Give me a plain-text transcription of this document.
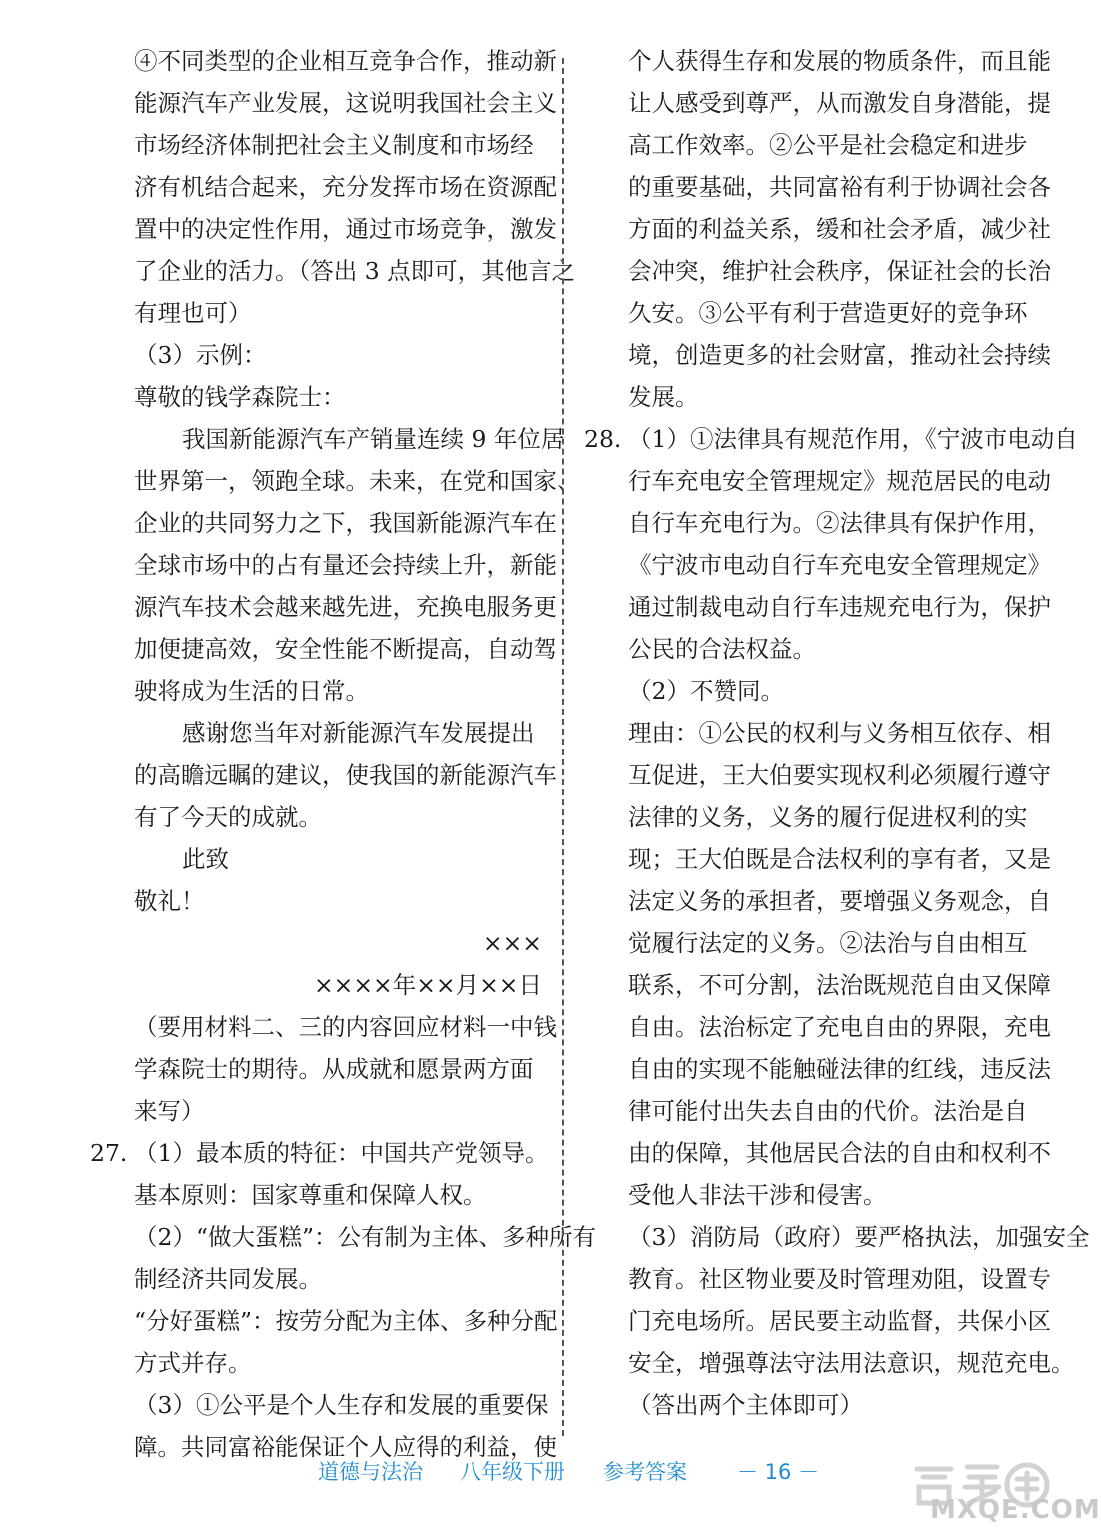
④不同类型的企业相互竞争合作，推动新
能源汽车产业发展，这说明我国社会主义
市场经济体制把社会主义制度和市场经
济有机结合起来，充分发挥市场在资源配
置中的决定性作用，通过市场竞争，激发
了企业的活力。（答出 3 点即可，其他言之
有理也可）
（3）示例：
尊敬的钱学森院士：
我国新能源汽车产销量连续 9 年位居
世界第一，领跑全球。未来，在党和国家、
企业的共同努力之下，我国新能源汽车在
全球市场中的占有量还会持续上升，新能
源汽车技术会越来越先进，充换电服务更
加便捷高效，安全性能不断提高，自动驾
驶将成为生活的日常。
感谢您当年对新能源汽车发展提出
的高瞻远瞩的建议，使我国的新能源汽车
有了今天的成就。
此致
敬礼！
×××
××××年××月××日
（要用材料二、三的内容回应材料一中钱
学森院士的期待。从成就和愿景两方面
来写）
27. （1）最本质的特征：中国共产党领导。
基本原则：国家尊重和保障人权。
（2）“做大蛋糕”：公有制为主体、多种所有
制经济共同发展。
“分好蛋糕”：按劳分配为主体、多种分配
方式并存。
（3）①公平是个人生存和发展的重要保
障。共同富裕能保证个人应得的利益，使
个人获得生存和发展的物质条件，而且能
让人感受到尊严，从而激发自身潜能，提
高工作效率。②公平是社会稳定和进步
的重要基础，共同富裕有利于协调社会各
方面的利益关系，缓和社会矛盾，减少社
会冲突，维护社会秩序，保证社会的长治
久安。③公平有利于营造更好的竞争环
境，创造更多的社会财富，推动社会持续
发展。
28. （1）①法律具有规范作用，《宁波市电动自
行车充电安全管理规定》规范居民的电动
自行车充电行为。②法律具有保护作用，
《宁波市电动自行车充电安全管理规定》
通过制裁电动自行车违规充电行为，保护
公民的合法权益。
（2）不赞同。
理由：①公民的权利与义务相互依存、相
互促进，王大伯要实现权利必须履行遵守
法律的义务，义务的履行促进权利的实
现；王大伯既是合法权利的享有者，又是
法定义务的承担者，要增强义务观念，自
觉履行法定的义务。②法治与自由相互
联系，不可分割，法治既规范自由又保障
自由。法治标定了充电自由的界限，充电
自由的实现不能触碰法律的红线，违反法
律可能付出失去自由的代价。法治是自
由的保障，其他居民合法的自由和权利不
受他人非法干涉和侵害。
（3）消防局（政府）要严格执法，加强安全
教育。社区物业要及时管理劝阻，设置专
门充电场所。居民要主动监督，共保小区
安全，增强尊法守法用法意识，规范充电。
（答出两个主体即可）
道德与法治 八年级下册 参考答案 － 16 －
MXQE.COM
